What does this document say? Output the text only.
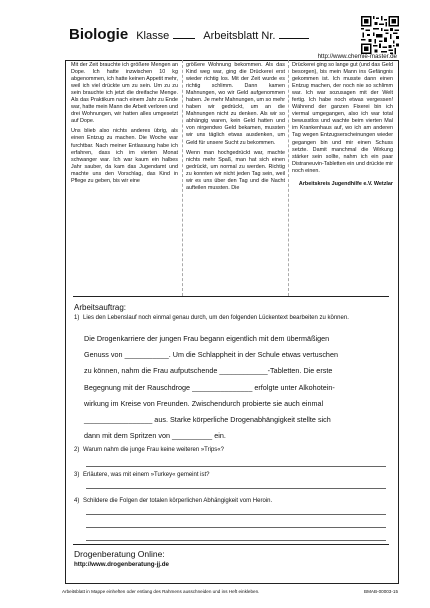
Biologie Klasse	Arbeitsblatt Nr.
http://www.chemie-master.de

Mit der Zeit brauchte ich größere Mengen an Dope. Ich hatte inzwischen 10 kg abgenommen, ich hatte keinen Appetit mehr, weil ich viel drückte um zu sein. Um zu zu sein brauchte ich jetzt die dreifache Menge. Als das Praktikum nach einem Jahr zu Ende war, hatte mein Mann die Arbeit verloren und drei Wohnungen, wir hatten alles umgesetzt auf Dope.

Uns blieb also nichts anderes übrig, als einen Entzug zu machen. Die Woche war furchtbar. Nach meiner Entlassung habe ich erfahren, dass ich im vierten Monat schwanger war. Ich war kaum ein halbes Jahr sauber, da kam das Jugendamt und machte uns den Vorschlag, das Kind in Pflege zu geben, bis wir eine

größere Wohnung bekommen. Als das Kind weg war, ging die Drückerei erst wieder richtig los. Mit der Zeit wurde es richtig schlimm. Dann kamen Mahnungen, wo wir Geld aufgenommen haben. Je mehr Mahnungen, um so mehr haben wir gedrückt, um an die Mahnungen nicht zu denken. Als wir so abhängig waren, kein Geld hatten und von nirgendwo Geld bekamen, mussten wir uns täglich etwas ausdenken, um Geld für unsere Sucht zu bekommen.

Wenn man hochgedrückt war, machte nichts mehr Spaß, man hat sich einen gedrückt, um normal zu werden. Richtig zu konnten wir nicht jeden Tag sein, weil wir es uns über den Tag und die Nacht aufteilen mussten. Die

Drückerei ging so lange gut (und das Geld besorgen), bis mein Mann ins Gefängnis gekommen ist. Ich musste dann einen Entzug machen, der noch nie so schlimm war. Ich war sozusagen mit der Welt fertig. Ich habe noch etwas vergessen! Während der ganzen Fixerei bin ich viermal umgegangen, also ich war total bewusstlos und wachte beim vierten Mal im Krankenhaus auf, wo ich am anderen Tag wegen Entzugserscheinungen wieder gegangen bin und mir einen Schuss setzte. Damit manchmal die Wirkung stärker sein sollte, nahm ich ein paar Distraneuvin-Tabletten ein und drückte mir noch einen.

Arbeitskreis Jugendhilfe e.V. Wetzlar

Arbeitsauftrag:
1) Lies den Lebenslauf noch einmal genau durch, um den folgenden Lückentext bearbeiten zu können.
Die Drogenkarriere der jungen Frau begann eigentlich mit dem übermäßigen
Genuss von ___________. Um die Schlappheit in der Schule etwas vertuschen
zu können, nahm die Frau aufputschende ____________-Tabletten. Die erste
Begegnung mit der Rauschdroge _______________ erfolgte unter Alkohotein-
wirkung im Kreise von Freunden. Zwischendurch probierte sie auch einmal
_________________ aus. Starke körperliche Drogenabhängigkeit stellte sich
dann mit dem Spritzen von __________ ein.
2) Warum nahm die junge Frau keine weiteren »Trips«?
3) Erläutere, was mit einem »Turkey« gemeint ist?
4) Schildere die Folgen der totalen körperlichen Abhängigkeit vom Heroin.
Drogenberatung Online:
http://www.drogenberatung-jj.de
Arbeitsblatt in Mappe einheften oder entlang des Rahmens ausschneiden und ins Heft einkleben.	BMAB-00003-15
